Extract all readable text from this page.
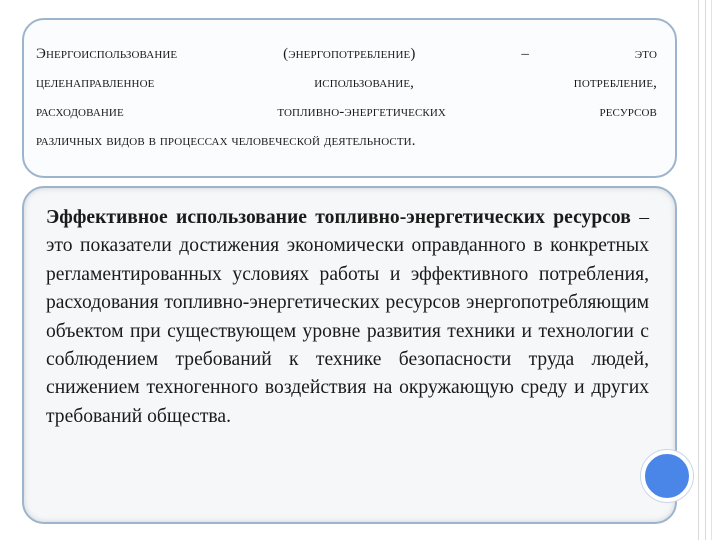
Энергоиспользование (энергопотребление) – это

целенаправленное использование, потребление,

расходование топливно-энергетических ресурсов

различных видов в процессах человеческой деятельности.

Эффективное использование топливно-энергетических ресурсов – это показатели достижения экономически оправданного в конкретных регламентированных условиях работы и эффективного потребления, расходования топливно-энергетических ресурсов энергопотребляющим объектом при существующем уровне развития техники и технологии с соблюдением требований к технике безопасности труда людей, снижением техногенного воздействия на окружающую среду и других требований общества.
